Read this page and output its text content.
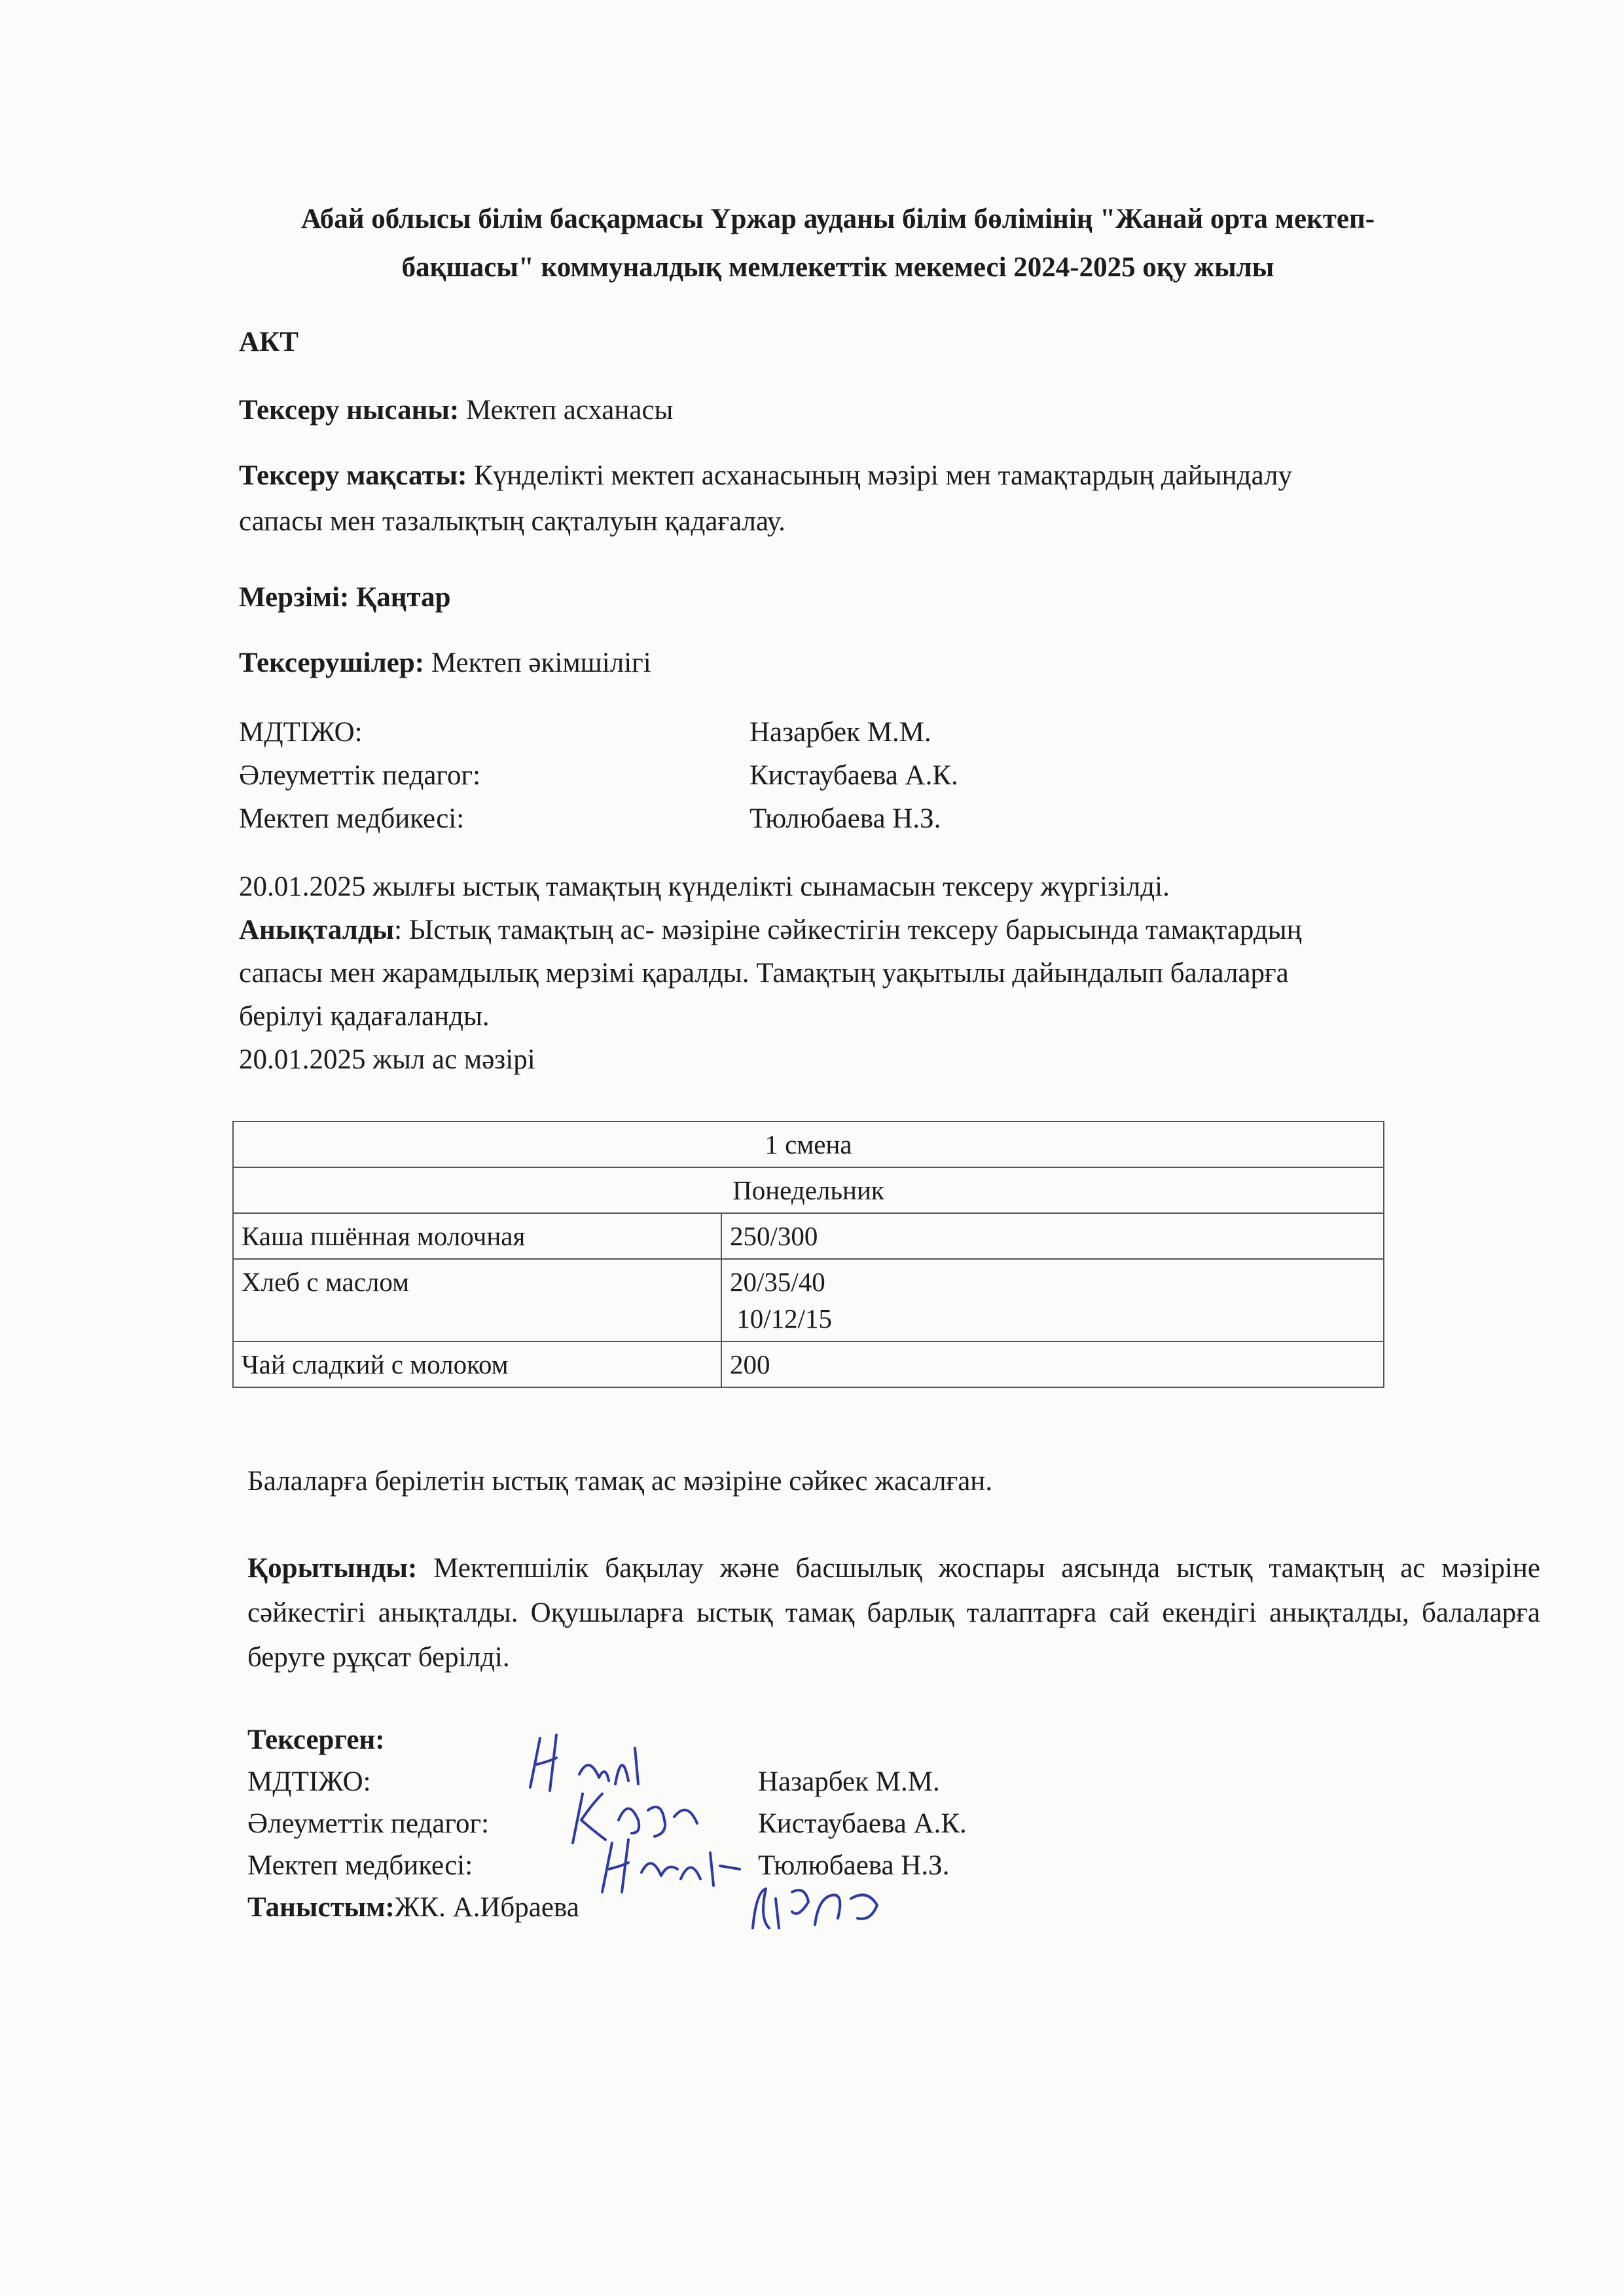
Абай облысы білім басқармасы Үржар ауданы білім бөлімінің "Жанай орта мектеп-
бақшасы" коммуналдық мемлекеттік мекемесі 2024-2025 оқу жылы
АКТ
Тексеру нысаны: Мектеп асханасы
Тексеру мақсаты: Күнделікті мектеп асханасының мәзірі мен тамақтардың дайындалу
сапасы мен тазалықтың сақталуын қадағалау.
Мерзімі: Қаңтар
Тексерушілер: Мектеп әкімшілігі
МДТІЖО:	Назарбек М.М.
Әлеуметтік педагог:	Кистаубаева А.К.
Мектеп медбикесі:	Тюлюбаева Н.З.
20.01.2025 жылғы ыстық тамақтың күнделікті сынамасын тексеру жүргізілді.
Анықталды: Ыстық тамақтың ас- мәзіріне сәйкестігін тексеру барысында тамақтардың
сапасы мен жарамдылық мерзімі қаралды. Тамақтың уақытылы дайындалып балаларға
берілуі қадағаланды.
20.01.2025 жыл ас мәзірі
1 смена	
Понедельник	
Каша пшённая молочная	250/300

Хлеб с маслом	20/35/40
10/12/15

Чай сладкий с молоком	200
Балаларға берілетін ыстық тамақ ас мәзіріне сәйкес жасалған.
Қорытынды: Мектепшілік бақылау және басшылық жоспары аясында ыстық тамақтың ас мәзіріне сәйкестігі анықталды. Оқушыларға ыстық тамақ барлық талаптарға сай екендігі анықталды, балаларға беруге рұқсат берілді.
Тексерген:
МДТІЖО:	Назарбек М.М.
Әлеуметтік педагог:	Кистаубаева А.К.
Мектеп медбикесі:	Тюлюбаева Н.З.
Таныстым:ЖК. А.Ибраева
